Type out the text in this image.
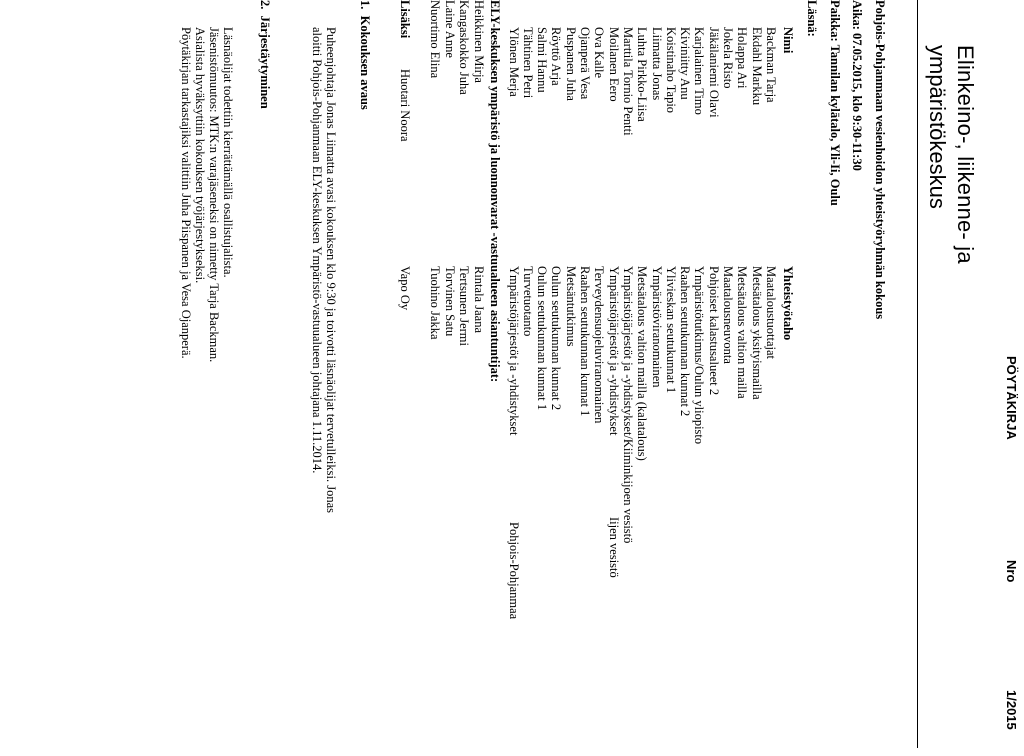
Elinkeino-, liikenne- ja
ympäristökeskus
PÖYTÄKIRJA
Nro
1/2015
Pohjois-Pohjanmaan vesienhoidon yhteistyöryhmän kokous
Aika: 07.05.2015, klo 9:30-11:30
Paikka: Tannilan kylätalo, Yli-Ii, Oulu
Läsnä:
Nimi
Yhteistyötaho
Backman Tarja
Maataloustuottajat
Ekdahl Markku
Metsätalous yksityismailla
Holappa Ari
Metsätalous valtion mailla
Jokela Risto
Maatalousneuvonta
Jäkälaniemi Olavi
Pohjoiset kalastusalueet 2
Karjalainen Timo
Ympäristötutkimus/Oulun yliopisto
Kiviniitty Anu
Raahen seutukunnan kunnat 2
Koistinaho Tapio
Ylivieskan seutukunnat 1
Liimatta Jonas
Ympäristöviranomainen
Luhta Pirkko-Liisa
Metsätalous valtion mailla (kalatalous)
Marttila Tornio Pentti
Ympäristöjärjestöt ja -yhdistykset/Kiiminkijoen vesistö
Moilanen Eero
Ympäristöjärjestöt ja -yhdistykset
Iijen vesistö
Ova Kalle
Terveydensuojeluviranomainen
Ojanperä Vesa
Raahen seutukunnan kunnat 1
Puspanen Juha
Metsäntutkimus
Röyttö Arja
Oulun seutukunnan kunnat 2
Salmi Hannu
Oulun seutukunnan kunnat 1
Tähtinen Petri
Turvetuotanto
Ylönen Merja
Ympäristöjärjestöt ja -yhdistykset
Pohjois-Pohjanmaa
ELY-keskuksen ympäristö ja luonnonvarat -vastuualueen asiantuntijat:
Heikkinen Mirja
Rintala Jaana
Kangaskokko Juha
Tertsunen Jermi
Laine Anne
Torvinen Satu
Nuortimo Elina
Tuohino Jakka
Lisäksi
Huotari Noora
Vapo Oy
1.  Kokouksen avaus
Puheenjohtaja Jonas Liimatta avasi kokouksen klo 9:30 ja toivotti läsnäolijat tervetulleiksi. Jonas
aloitti Pohjois-Pohjanmaan ELY-keskuksen Ympäristö-vastuualueen johtajana 1.11.2014.
2.  Järjestäytyminen
Läsnäolijat todettiin kierrättämällä osallistujalista.
Jäsenistömuutos: MTK:n varajäseneksi on nimetty Tarja Backman.
Asialista hyväksyttiin kokouksen työjärjestykseksi.
Pöytäkirjan tarkastajiksi valittiin Juha Piispanen ja Vesa Ojanperä.
